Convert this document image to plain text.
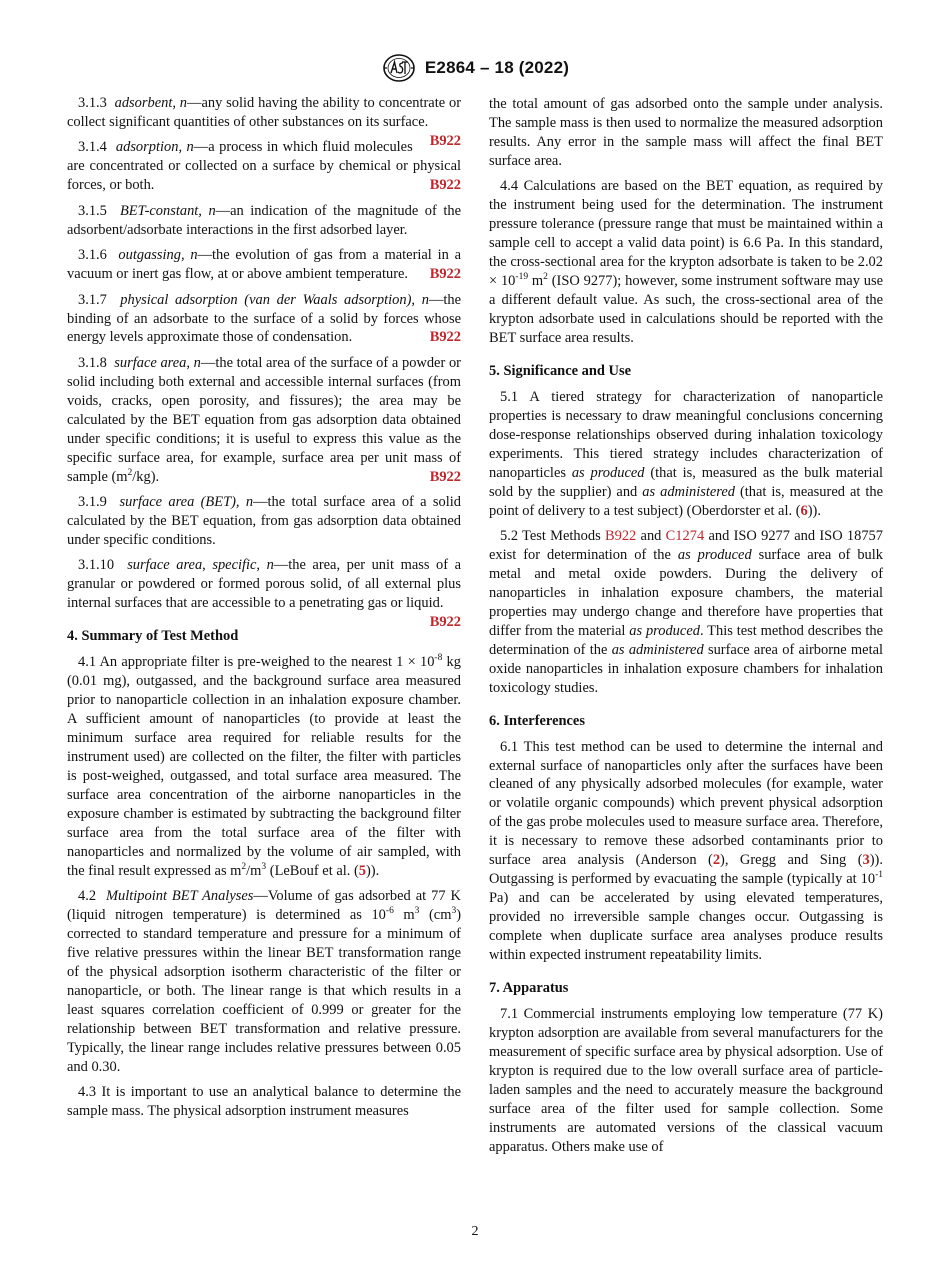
E2864 – 18 (2022)

3.1.3 adsorbent, n—any solid having the ability to concentrate or collect significant quantities of other substances on its surface.
B922

3.1.4 adsorption, n—a process in which fluid molecules are concentrated or collected on a surface by chemical or physical forces, or both.	B922

3.1.5 BET-constant, n—an indication of the magnitude of the adsorbent/adsorbate interactions in the first adsorbed layer.

3.1.6 outgassing, n—the evolution of gas from a material in a vacuum or inert gas flow, at or above ambient temperature.	B922

3.1.7 physical adsorption (van der Waals adsorption), n—the binding of an adsorbate to the surface of a solid by forces whose energy levels approximate those of condensation.	B922

3.1.8 surface area, n—the total area of the surface of a powder or solid including both external and accessible internal surfaces (from voids, cracks, open porosity, and fissures); the area may be calculated by the BET equation from gas adsorption data obtained under specific conditions; it is useful to express this value as the specific surface area, for example, surface area per unit mass of sample $(m^2/kg)$.	B922

3.1.9 surface area (BET), n—the total surface area of a solid calculated by the BET equation, from gas adsorption data obtained under specific conditions.

3.1.10 surface area, specific, n—the area, per unit mass of a granular or powdered or formed porous solid, of all external plus internal surfaces that are accessible to a penetrating gas or liquid.
B922

4. Summary of Test Method

4.1 An appropriate filter is pre-weighed to the nearest $1 \times 10^{-8}$ kg (0.01 mg), outgassed, and the background surface area measured prior to nanoparticle collection in an inhalation exposure chamber. A sufficient amount of nanoparticles (to provide at least the minimum surface area required for reliable results for the instrument used) are collected on the filter, the filter with particles is post-weighed, outgassed, and total surface area measured. The surface area concentration of the airborne nanoparticles in the exposure chamber is estimated by subtracting the background filter surface area from the total surface area of the filter with nanoparticles and normalized by the volume of air sampled, with the final result expressed as $m^2/m^3$ (LeBouf et al. (5)).

4.2 Multipoint BET Analyses—Volume of gas adsorbed at 77 K (liquid nitrogen temperature) is determined as $10^{-6}$ $m^3$ $(cm^3)$ corrected to standard temperature and pressure for a minimum of five relative pressures within the linear BET transformation range of the physical adsorption isotherm characteristic of the filter or nanoparticle, or both. The linear range is that which results in a least squares correlation coefficient of 0.999 or greater for the relationship between BET transformation and relative pressure. Typically, the linear range includes relative pressures between 0.05 and 0.30.

4.3 It is important to use an analytical balance to determine the sample mass. The physical adsorption instrument measures

the total amount of gas adsorbed onto the sample under analysis. The sample mass is then used to normalize the measured adsorption results. Any error in the sample mass will affect the final BET surface area.

4.4 Calculations are based on the BET equation, as required by the instrument being used for the determination. The instrument pressure tolerance (pressure range that must be maintained within a sample cell to accept a valid data point) is 6.6 Pa. In this standard, the cross-sectional area for the krypton adsorbate is taken to be $2.02 \times 10^{-19}$ $m^2$ (ISO 9277); however, some instrument software may use a different default value. As such, the cross-sectional area of the krypton adsorbate used in calculations should be reported with the BET surface area results.

5. Significance and Use

5.1 A tiered strategy for characterization of nanoparticle properties is necessary to draw meaningful conclusions concerning dose-response relationships observed during inhalation toxicology experiments. This tiered strategy includes characterization of nanoparticles as produced (that is, measured as the bulk material sold by the supplier) and as administered (that is, measured at the point of delivery to a test subject) (Oberdorster et al. (6)).

5.2 Test Methods B922 and C1274 and ISO 9277 and ISO 18757 exist for determination of the as produced surface area of bulk metal and metal oxide powders. During the delivery of nanoparticles in inhalation exposure chambers, the material properties may undergo change and therefore have properties that differ from the material as produced. This test method describes the determination of the as administered surface area of airborne metal oxide nanoparticles in inhalation exposure chambers for inhalation toxicology studies.

6. Interferences

6.1 This test method can be used to determine the internal and external surface of nanoparticles only after the surfaces have been cleaned of any physically adsorbed molecules (for example, water or volatile organic compounds) which prevent physical adsorption of the gas probe molecules used to measure surface area. Therefore, it is necessary to remove these adsorbed contaminants prior to surface area analysis (Anderson (2), Gregg and Sing (3)). Outgassing is performed by evacuating the sample (typically at $10^{-1}$ Pa) and can be accelerated by using elevated temperatures, provided no irreversible sample changes occur. Outgassing is complete when duplicate surface area analyses produce results within expected instrument repeatability limits.

7. Apparatus

7.1 Commercial instruments employing low temperature (77 K) krypton adsorption are available from several manufacturers for the measurement of specific surface area by physical adsorption. Use of krypton is required due to the low overall surface area of particle-laden samples and the need to accurately measure the background surface area of the filter used for sample collection. Some instruments are automated versions of the classical vacuum apparatus. Others make use of

2
